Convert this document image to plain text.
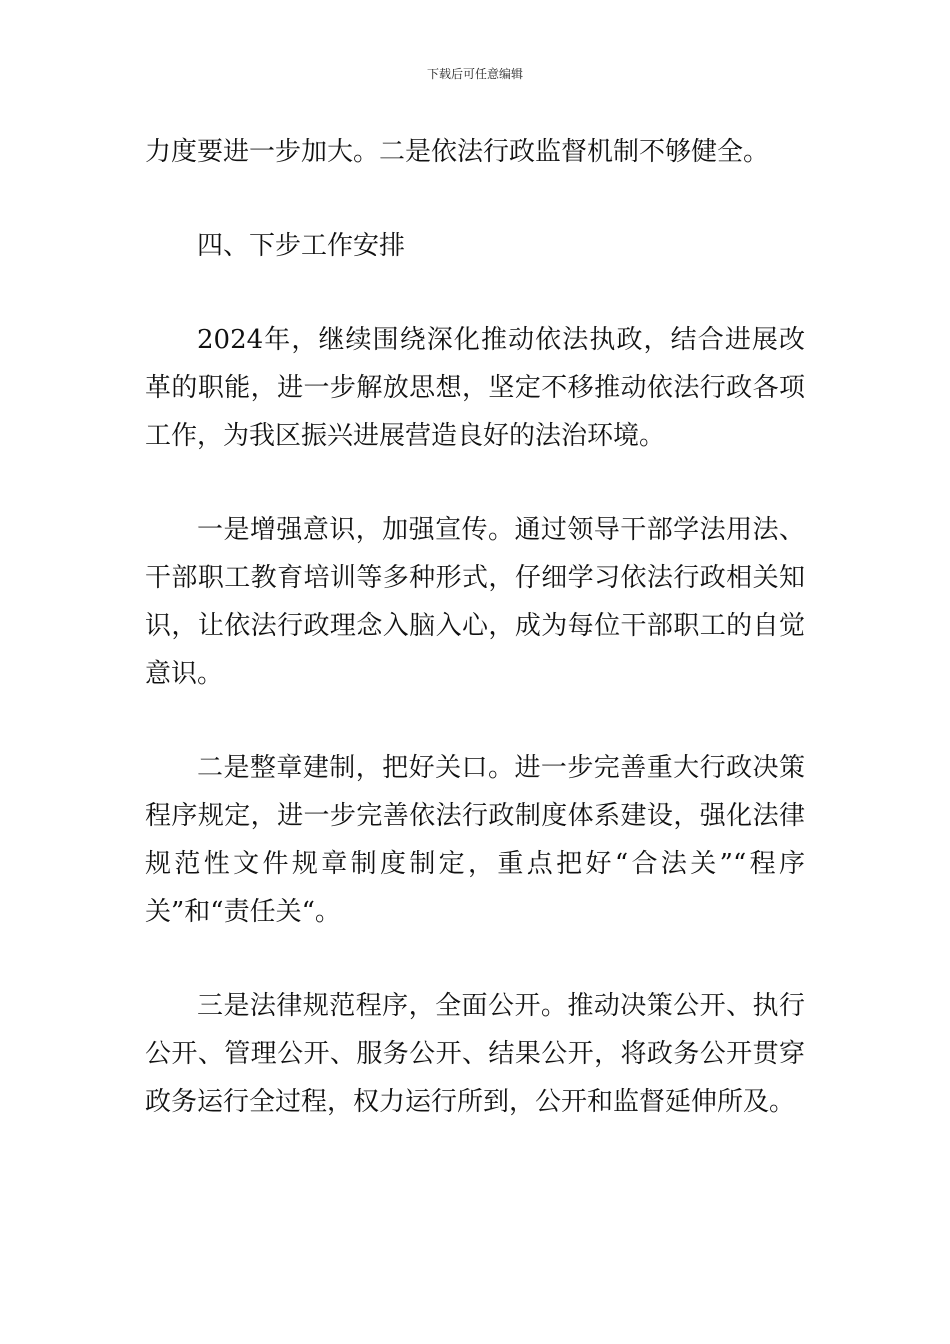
下载后可任意编辑

力度要进一步加大。二是依法行政监督机制不够健全。

四、下步工作安排

2024年，继续围绕深化推动依法执政，结合进展改革的职能，进一步解放思想，坚定不移推动依法行政各项工作，为我区振兴进展营造良好的法治环境。

一是增强意识，加强宣传。通过领导干部学法用法、干部职工教育培训等多种形式，仔细学习依法行政相关知识，让依法行政理念入脑入心，成为每位干部职工的自觉意识。

二是整章建制，把好关口。进一步完善重大行政决策程序规定，进一步完善依法行政制度体系建设，强化法律规范性文件规章制度制定，重点把好“合法关”“程序关”和“责任关“。

三是法律规范程序，全面公开。推动决策公开、执行公开、管理公开、服务公开、结果公开，将政务公开贯穿政务运行全过程，权力运行所到，公开和监督延伸所及。
